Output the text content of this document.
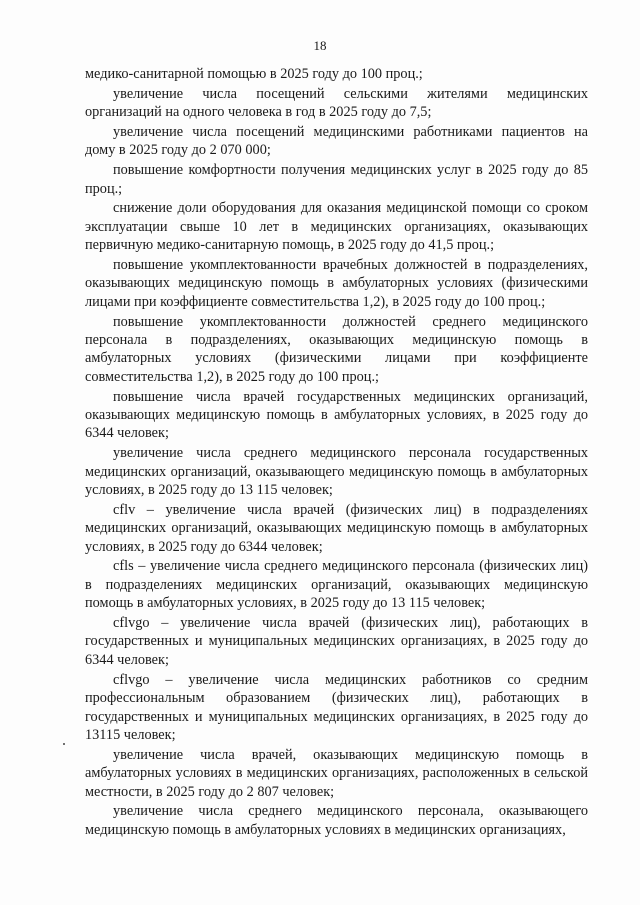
18

медико-санитарной помощью в 2025 году до 100 проц.;

увеличение числа посещений сельскими жителями медицинских организаций на одного человека в год в 2025 году до 7,5;

увеличение числа посещений медицинскими работниками пациентов на дому в 2025 году до 2 070 000;

повышение комфортности получения медицинских услуг в 2025 году до 85 проц.;

снижение доли оборудования для оказания медицинской помощи со сроком эксплуатации свыше 10 лет в медицинских организациях, оказывающих первичную медико-санитарную помощь, в 2025 году до 41,5 проц.;

повышение укомплектованности врачебных должностей в подразделениях, оказывающих медицинскую помощь в амбулаторных условиях (физическими лицами при коэффициенте совместительства 1,2), в 2025 году до 100 проц.;

повышение укомплектованности должностей среднего медицинского персонала в подразделениях, оказывающих медицинскую помощь в амбулаторных условиях (физическими лицами при коэффициенте совместительства 1,2), в 2025 году до 100 проц.;

повышение числа врачей государственных медицинских организаций, оказывающих медицинскую помощь в амбулаторных условиях, в 2025 году до 6344 человек;

увеличение числа среднего медицинского персонала государственных медицинских организаций, оказывающего медицинскую помощь в амбулаторных условиях, в 2025 году до 13 115 человек;

cflv – увеличение числа врачей (физических лиц) в подразделениях медицинских организаций, оказывающих медицинскую помощь в амбулаторных условиях, в 2025 году до 6344 человек;

cfls – увеличение числа среднего медицинского персонала (физических лиц) в подразделениях медицинских организаций, оказывающих медицинскую помощь в амбулаторных условиях, в 2025 году до 13 115 человек;

cflvgo – увеличение числа врачей (физических лиц), работающих в государственных и муниципальных медицинских организациях, в 2025 году до 6344 человек;

cflvgo – увеличение числа медицинских работников со средним профессиональным образованием (физических лиц), работающих в государственных и муниципальных медицинских организациях, в 2025 году до 13115 человек;

увеличение числа врачей, оказывающих медицинскую помощь в амбулаторных условиях в медицинских организациях, расположенных в сельской местности, в 2025 году до 2 807 человек;

увеличение числа среднего медицинского персонала, оказывающего медицинскую помощь в амбулаторных условиях в медицинских организациях,
